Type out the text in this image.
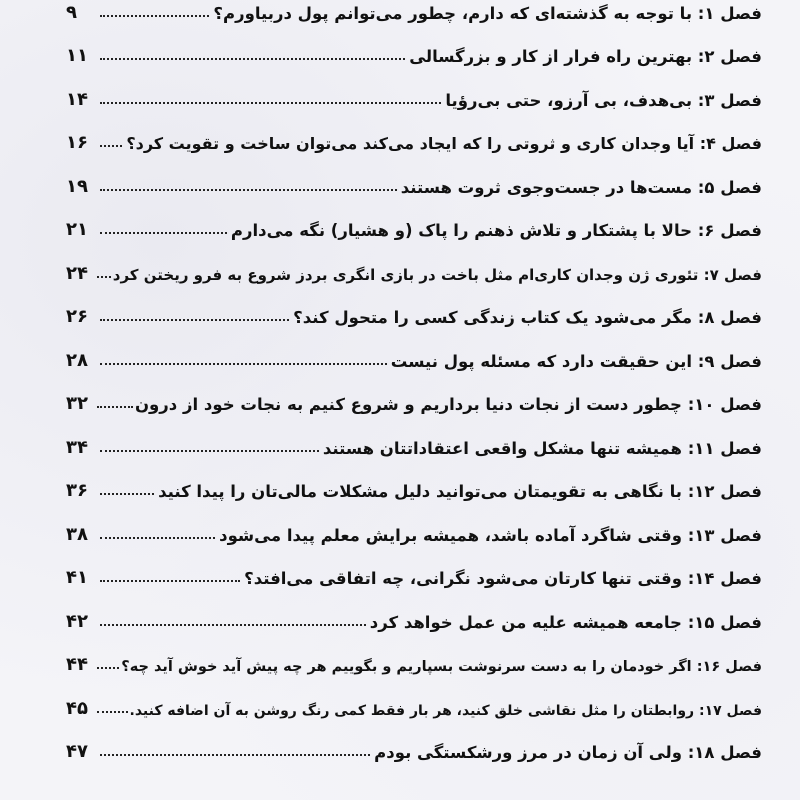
فصل ۱: با توجه به گذشته‌ای که دارم، چطور می‌توانم پول دربیاورم؟
۹
فصل ۲: بهترین راه فرار از کار و بزرگسالی
۱۱
فصل ۳: بی‌هدف، بی آرزو، حتی بی‌رؤیا
۱۴
فصل ۴: آیا وجدان کاری و ثروتی را که ایجاد می‌کند می‌توان ساخت و تقویت کرد؟
۱۶
فصل ۵: مست‌ها در جست‌وجوی ثروت هستند
۱۹
فصل ۶: حالا با پشتکار و تلاش ذهنم را پاک (و هشیار) نگه می‌دارم
۲۱
فصل ۷: تئوری ژن وجدان کاری‌ام مثل باخت در بازی انگری بردز شروع به فرو ریختن کرد
۲۴
فصل ۸: مگر می‌شود یک کتاب زندگی کسی را متحول کند؟
۲۶
فصل ۹: این حقیقت دارد که مسئله پول نیست
۲۸
فصل ۱۰: چطور دست از نجات دنیا برداریم و شروع کنیم به نجات خود از درون
۳۲
فصل ۱۱: همیشه تنها مشکل واقعی اعتقاداتتان هستند
۳۴
فصل ۱۲: با نگاهی به تقویمتان می‌توانید دلیل مشکلات مالی‌تان را پیدا کنید
۳۶
فصل ۱۳: وقتی شاگرد آماده باشد، همیشه برایش معلم پیدا می‌شود
۳۸
فصل ۱۴: وقتی تنها کارتان می‌شود نگرانی، چه اتفاقی می‌افتد؟
۴۱
فصل ۱۵: جامعه همیشه علیه من عمل خواهد کرد
۴۲
فصل ۱۶: اگر خودمان را به دست سرنوشت بسپاریم و بگوییم هر چه پیش آید خوش آید چه؟
۴۴
فصل ۱۷: روابطتان را مثل نقاشی خلق کنید، هر بار فقط کمی رنگ روشن به آن اضافه کنید.
۴۵
فصل ۱۸: ولی آن زمان در مرز ورشکستگی بودم
۴۷
